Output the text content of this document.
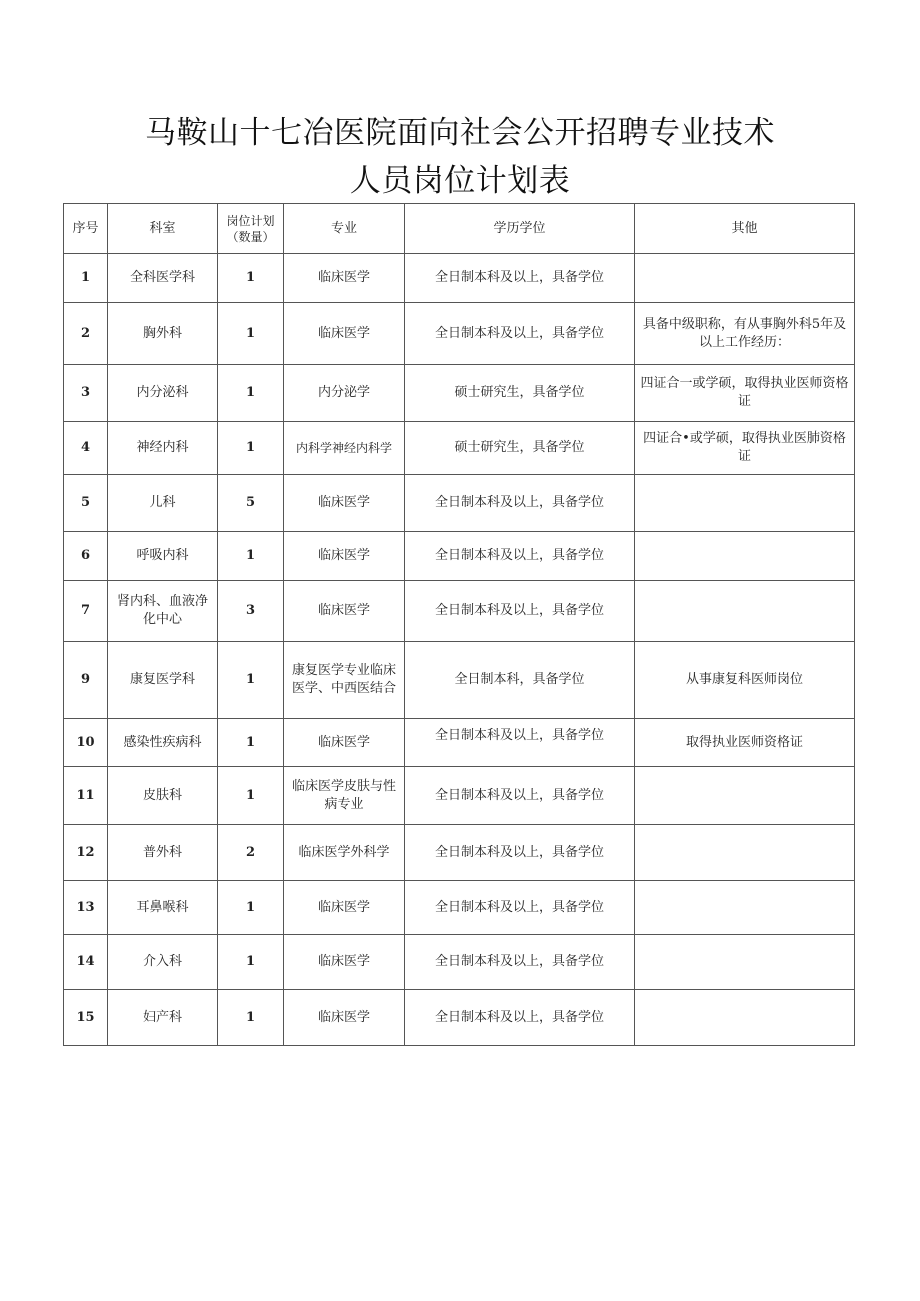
马鞍山十七冶医院面向社会公开招聘专业技术
人员岗位计划表
序号	科室	岗位计划（数量）	专业	学历学位	其他
1	全科医学科	1	临床医学	全日制本科及以上，具备学位	
2	胸外科	1	临床医学	全日制本科及以上，具备学位	具备中级职称，有从事胸外科5年及以上工作经历：
3	内分泌科	1	内分泌学	硕士研究生，具备学位	四证合一或学硕，取得执业医师资格证
4	神经内科	1	内科学神经内科学	硕士研究生，具备学位	四证合•或学硕，取得执业医肺资格证
5	儿科	5	临床医学	全日制本科及以上，具备学位	
6	呼吸内科	1	临床医学	全日制本科及以上，具备学位	
7	肾内科、血液净化中心	3	临床医学	全日制本科及以上，具备学位	
9	康复医学科	1	康复医学专业临床医学、中西医结合	全日制本科，具备学位	从事康复科医师岗位
10	感染性疾病科	1	临床医学	全日制本科及以上，具备学位	取得执业医师资格证
11	皮肤科	1	临床医学皮肤与性病专业	全日制本科及以上，具备学位	
12	普外科	2	临床医学外科学	全日制本科及以上，具备学位	
13	耳鼻喉科	1	临床医学	全日制本科及以上，具备学位	
14	介入科	1	临床医学	全日制本科及以上，具备学位	
15	妇产科	1	临床医学	全日制本科及以上，具备学位	
